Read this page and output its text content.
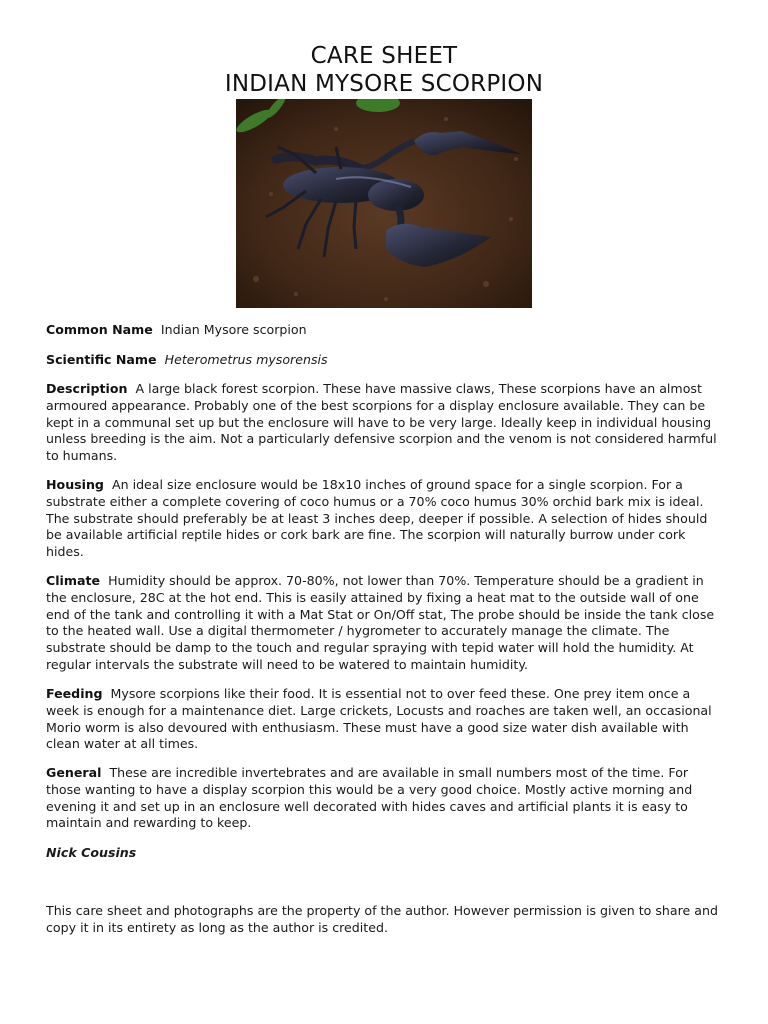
CARE SHEET
INDIAN MYSORE SCORPION

Common Name Indian Mysore scorpion

Scientific Name Heterometrus mysorensis

Description A large black forest scorpion. These have massive claws, These scorpions have an almost armoured appearance. Probably one of the best scorpions for a display enclosure available. They can be kept in a communal set up but the enclosure will have to be very large. Ideally keep in individual housing unless breeding is the aim. Not a particularly defensive scorpion and the venom is not considered harmful to humans.

Housing An ideal size enclosure would be 18x10 inches of ground space for a single scorpion. For a substrate either a complete covering of coco humus or a 70% coco humus 30% orchid bark mix is ideal. The substrate should preferably be at least 3 inches deep, deeper if possible. A selection of hides should be available artificial reptile hides or cork bark are fine. The scorpion will naturally burrow under cork hides.

Climate Humidity should be approx. 70-80%, not lower than 70%. Temperature should be a gradient in the enclosure, 28C at the hot end. This is easily attained by fixing a heat mat to the outside wall of one end of the tank and controlling it with a Mat Stat or On/Off stat, The probe should be inside the tank close to the heated wall. Use a digital thermometer / hygrometer to accurately manage the climate. The substrate should be damp to the touch and regular spraying with tepid water will hold the humidity. At regular intervals the substrate will need to be watered to maintain humidity.

Feeding Mysore scorpions like their food. It is essential not to over feed these. One prey item once a week is enough for a maintenance diet. Large crickets, Locusts and roaches are taken well, an occasional Morio worm is also devoured with enthusiasm. These must have a good size water dish available with clean water at all times.

General These are incredible invertebrates and are available in small numbers most of the time. For those wanting to have a display scorpion this would be a very good choice. Mostly active morning and evening it and set up in an enclosure well decorated with hides caves and artificial plants it is easy to maintain and rewarding to keep.

Nick Cousins

This care sheet and photographs are the property of the author. However permission is given to share and copy it in its entirety as long as the author is credited.
